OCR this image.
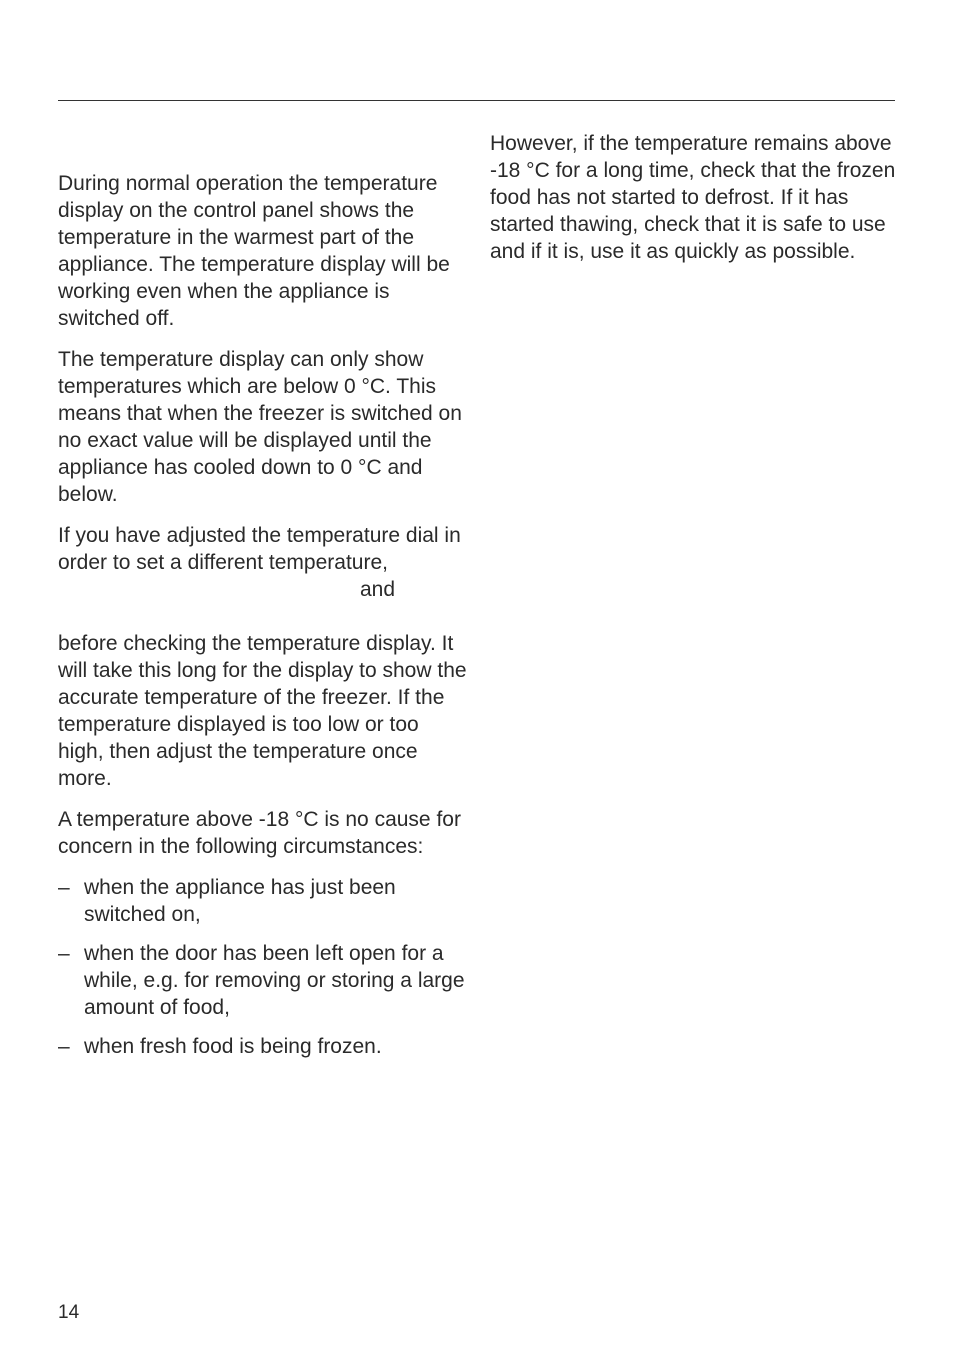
During normal operation the temperature display on the control panel shows the temperature in the warmest part of the appliance. The temperature display will be working even when the appliance is switched off.

The temperature display can only show temperatures which are below 0 °C. This means that when the freezer is switched on no exact value will be displayed until the appliance has cooled down to 0 °C and below.

If you have adjusted the temperature dial in order to set a different temperature,

and

before checking the temperature display. It will take this long for the display to show the accurate temperature of the freezer. If the temperature displayed is too low or too high, then adjust the temperature once more.

A temperature above -18 °C is no cause for concern in the following circumstances:

– when the appliance has just been switched on,
– when the door has been left open for a while, e.g. for removing or storing a large amount of food,
– when fresh food is being frozen.

However, if the temperature remains above -18 °C for a long time, check that the frozen food has not started to defrost. If it has started thawing, check that it is safe to use and if it is, use it as quickly as possible.

14
